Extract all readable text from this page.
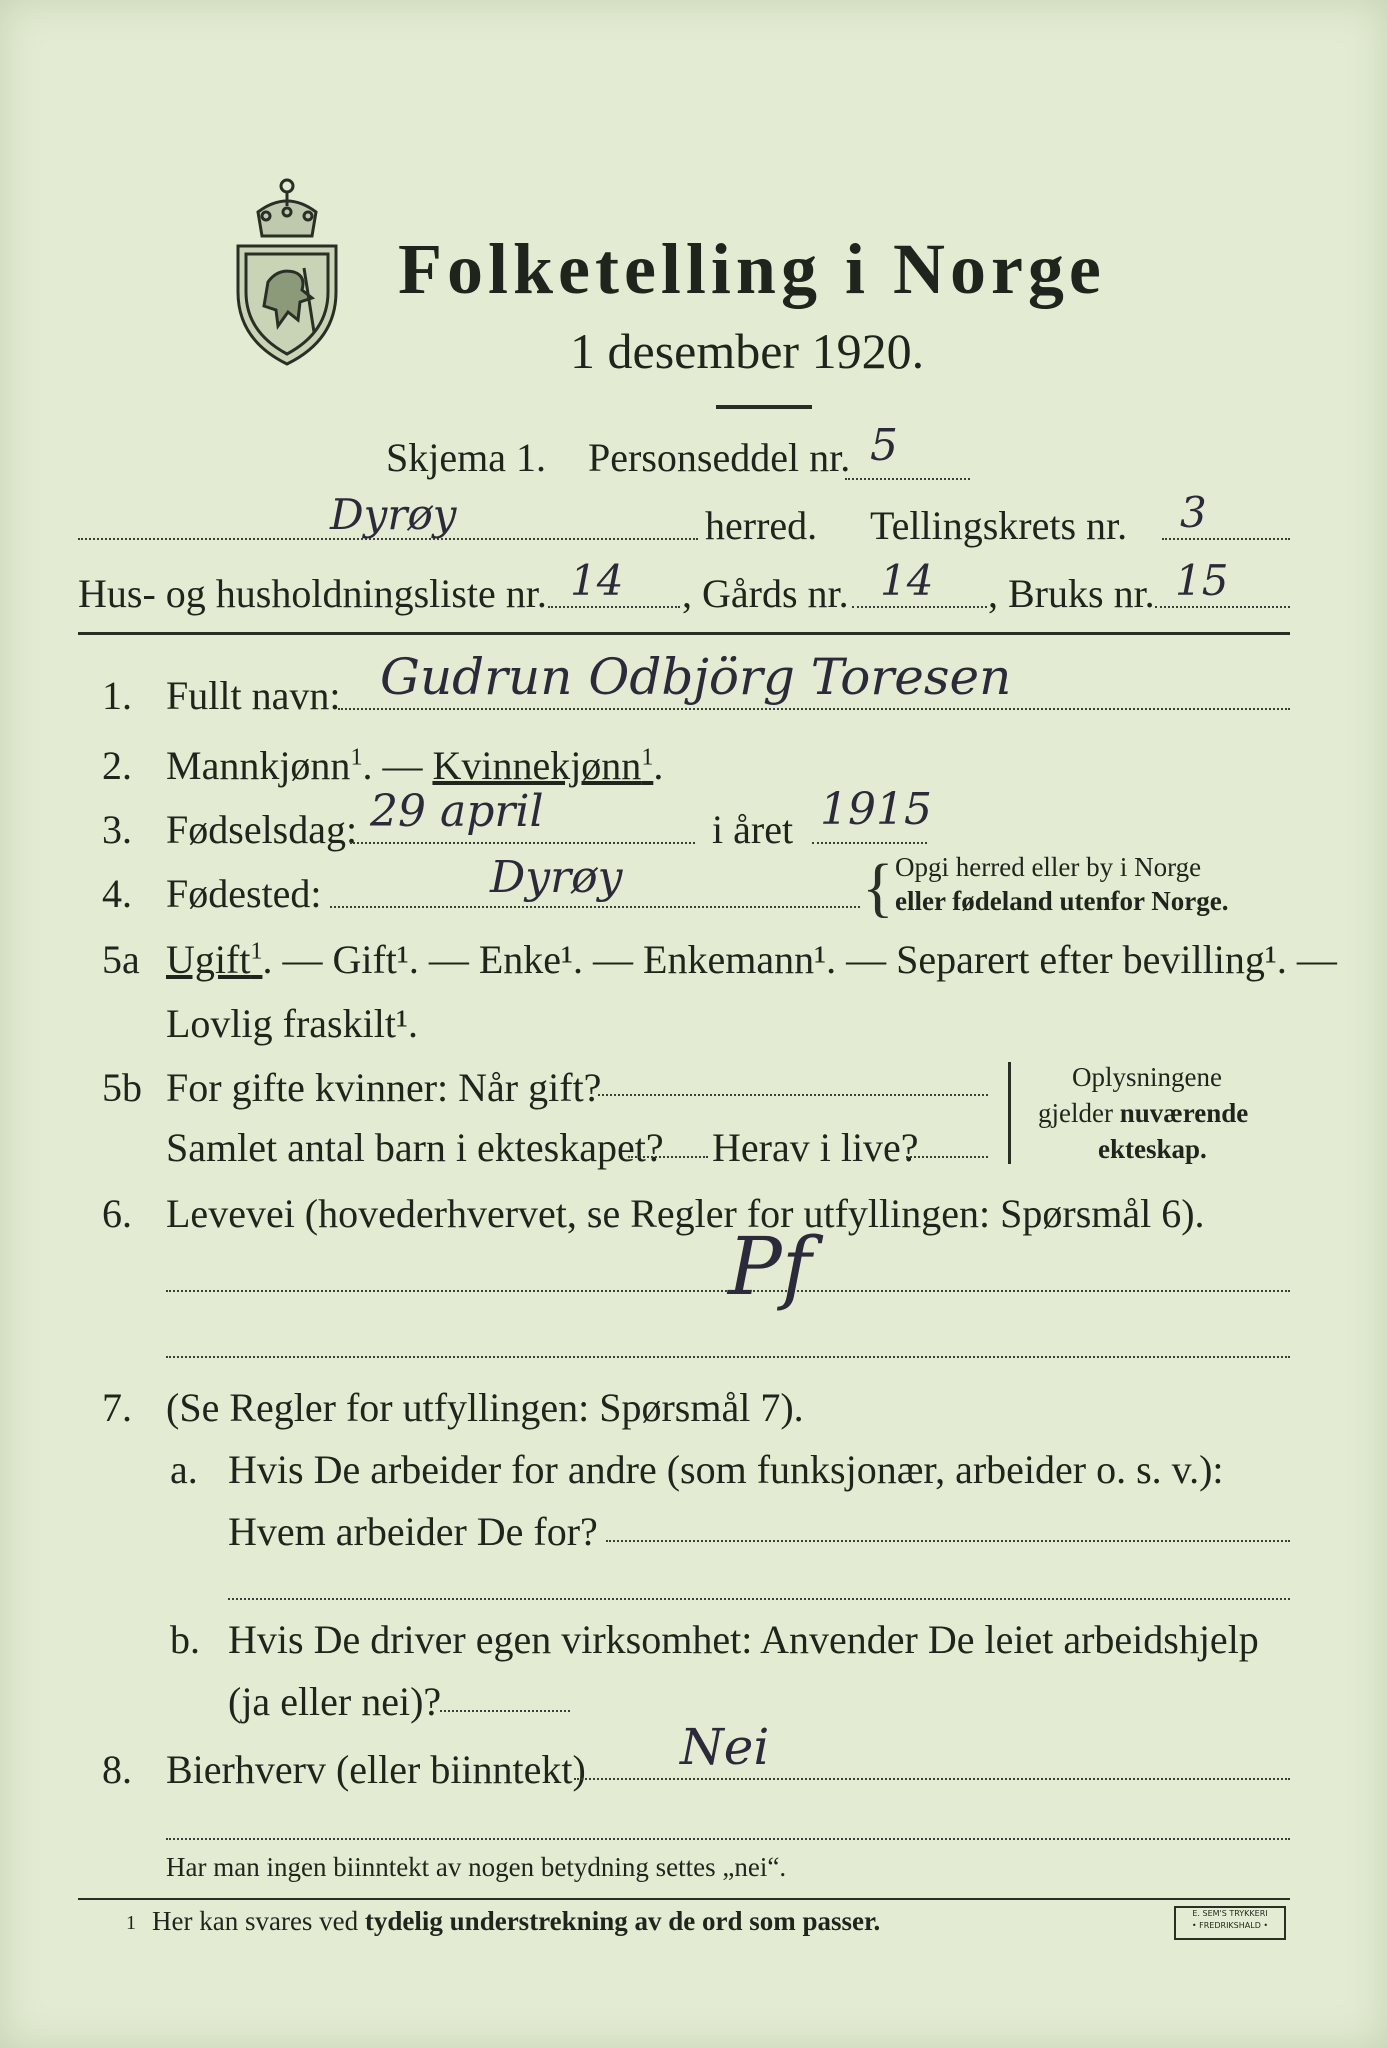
Folketelling i Norge
1 desember 1920.
Skjema 1. Personseddel nr. 5
Dyrøy	herred. Tellingskrets nr. 3
Hus- og husholdningsliste nr. 14 , Gårds nr. 14 , Bruks nr. 15
1. Fullt navn: Gudrun Odbjörg Toresen
2. Mannkjønn$^1$. — Kvinnekjønn$^1$.
3. Fødselsdag: 29 april	i året 1915
4. Fødested:	Dyrøy	{ Opgi herred eller by i Norge
eller fødeland utenfor Norge.
5a Ugift$^1$. — Gift¹. — Enke¹. — Enkemann¹. — Separert efter bevilling¹. —
Lovlig fraskilt¹.
5b For gifte kvinner: Når gift?
Samlet antal barn i ekteskapet? Herav i live?
Oplysningene
gjelder nuværende
ekteskap.
6. Levevei (hovederhvervet, se Regler for utfyllingen: Spørsmål 6).
Pf
7. (Se Regler for utfyllingen: Spørsmål 7).
a. Hvis De arbeider for andre (som funksjonær, arbeider o. s. v.):
Hvem arbeider De for?
b. Hvis De driver egen virksomhet: Anvender De leiet arbeidshjelp
(ja eller nei)?
8. Bierhverv (eller biinntekt) Nei
Har man ingen biinntekt av nogen betydning settes „nei“.
1 Her kan svares ved tydelig understrekning av de ord som passer.	E. SEM'S TRYKKERI
• FREDRIKSHALD •
